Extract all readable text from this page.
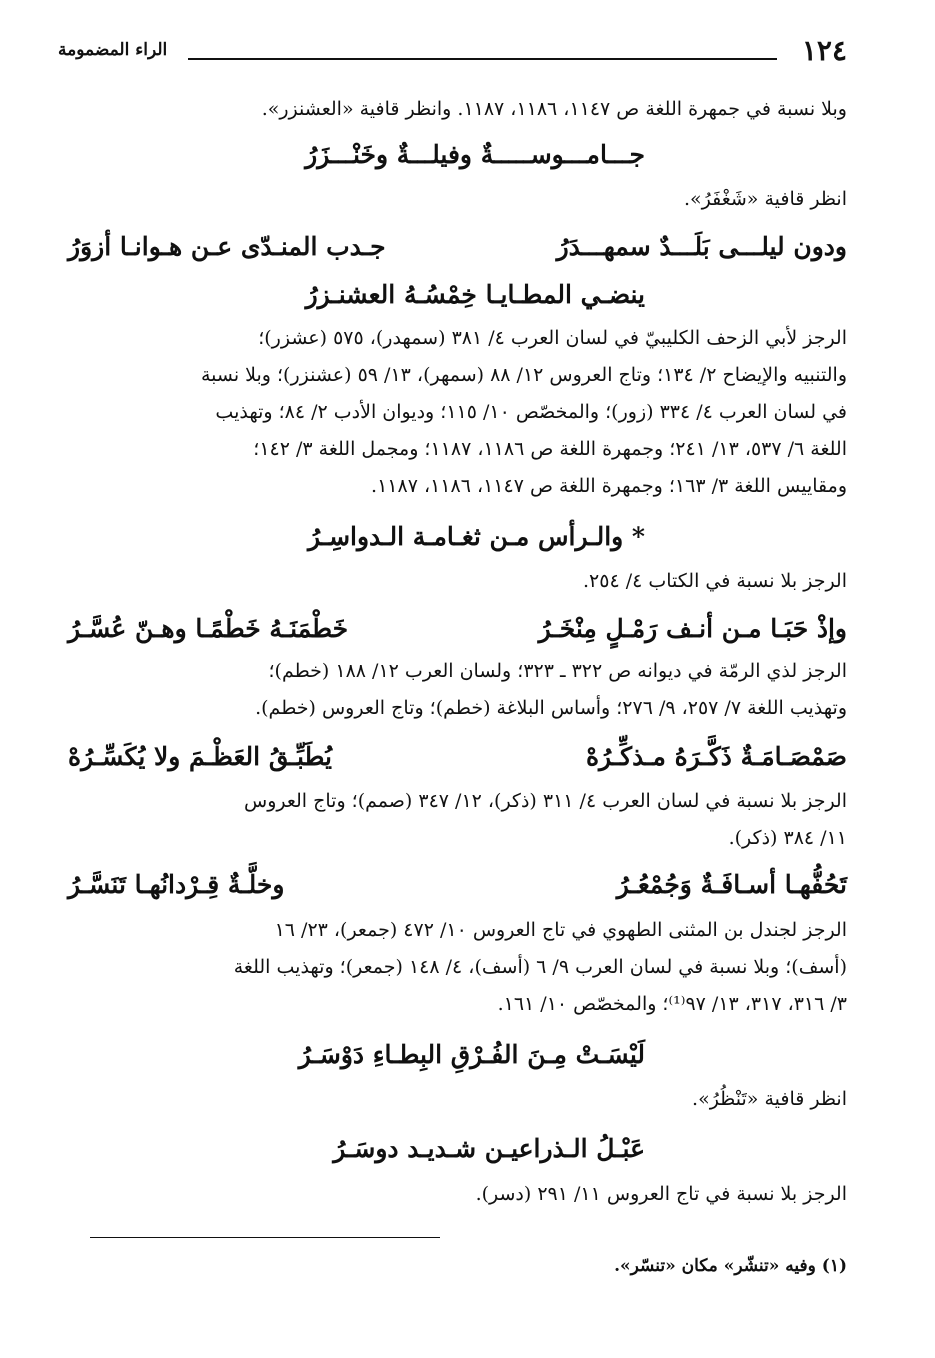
١٢٤
الراء المضمومة
وبلا نسبة في جمهرة اللغة ص ١١٤٧، ١١٨٦، ١١٨٧. وانظر قافية «العشنزر».
جـــامـــوســـــةٌ وفيلـــةٌ وخَنْـــزَرُ
انظر قافية «شَغْفَرُ».
ودون ليلـــى بَلَـــدٌ سمهـــدَرُ
جـدب المنـدّى عـن هـوانـا أزوَرُ
ينضـي المطـايـا خِمْسُـهُ العشنـزرُ
الرجز لأبي الزحف الكليبيّ في لسان العرب ٤/ ٣٨١ (سمهدر)، ٥٧٥ (عشزر)؛
والتنبيه والإيضاح ٢/ ١٣٤؛ وتاج العروس ١٢/ ٨٨ (سمهر)، ١٣/ ٥٩ (عشنزر)؛ وبلا نسبة
في لسان العرب ٤/ ٣٣٤ (زور)؛ والمخصّص ١٠/ ١١٥؛ وديوان الأدب ٢/ ٨٤؛ وتهذيب
اللغة ٦/ ٥٣٧، ١٣/ ٢٤١؛ وجمهرة اللغة ص ١١٨٦، ١١٨٧؛ ومجمل اللغة ٣/ ١٤٢؛
ومقاييس اللغة ٣/ ١٦٣؛ وجمهرة اللغة ص ١١٤٧، ١١٨٦، ١١٨٧.
* والـرأس مـن ثغـامـة الـدواسِـرُ
الرجز بلا نسبة في الكتاب ٤/ ٢٥٤.
وإذْ حَبَـا مـن أنـف رَمْـلٍ مِنْخَـرُ
خَطْمَنَـهُ خَطْمًـا وهـنّ عُسَّـرُ
الرجز لذي الرمّة في ديوانه ص ٣٢٢ ـ ٣٢٣؛ ولسان العرب ١٢/ ١٨٨ (خطم)؛
وتهذيب اللغة ٧/ ٢٥٧، ٩/ ٢٧٦؛ وأساس البلاغة (خطم)؛ وتاج العروس (خطم).
صَمْصَـامَـةٌ ذَكَّـرَهُ مـذكِّـرُهْ
يُطَبِّـقُ العَظْـمَ ولا يُكَسِّـرُهْ
الرجز بلا نسبة في لسان العرب ٤/ ٣١١ (ذكر)، ١٢/ ٣٤٧ (صمم)؛ وتاج العروس
١١/ ٣٨٤ (ذكر).
تَحُفُّهـا أسـافَـةٌ وَجُمْعُـرُ
وخلَّـةٌ قِـرْدانُهـا تَنَسَّـرُ
الرجز لجندل بن المثنى الطهوي في تاج العروس ١٠/ ٤٧٢ (جمعر)، ٢٣/ ١٦
(أسف)؛ وبلا نسبة في لسان العرب ٩/ ٦ (أسف)، ٤/ ١٤٨ (جمعر)؛ وتهذيب اللغة
٣/ ٣١٦، ٣١٧، ١٣/ ٩٧⁽¹⁾؛ والمخصّص ١٠/ ١٦١.
لَيْسَـتْ مِـنَ الفُـرْقِ البِطـاءِ دَوْسَـرُ
انظر قافية «تَنْظُرُ».
عَبْـلُ الـذراعيـن شـديـد دوسَـرُ
الرجز بلا نسبة في تاج العروس ١١/ ٢٩١ (دسر).
(١) وفيه «تنشّر» مكان «تنسّر».
